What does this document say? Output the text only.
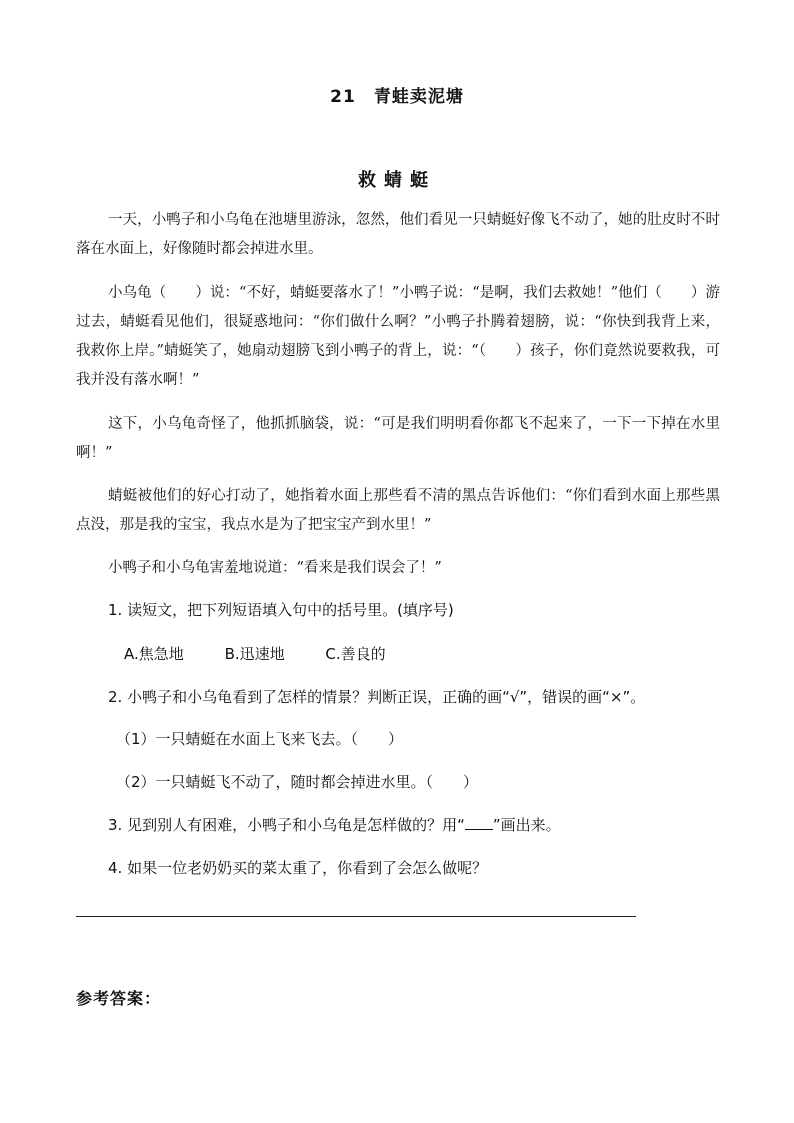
21　青蛙卖泥塘
救蜻蜓

一天，小鸭子和小乌龟在池塘里游泳，忽然，他们看见一只蜻蜓好像飞不动了，她的肚皮时不时落在水面上，好像随时都会掉进水里。

小乌龟（　　）说：“不好，蜻蜓要落水了！”小鸭子说：“是啊，我们去救她！”他们（　　）游过去，蜻蜓看见他们，很疑惑地问：“你们做什么啊？”小鸭子扑腾着翅膀，说：“你快到我背上来，我救你上岸。”蜻蜓笑了，她扇动翅膀飞到小鸭子的背上，说：“（　　）孩子，你们竟然说要救我，可我并没有落水啊！”

这下，小乌龟奇怪了，他抓抓脑袋，说：“可是我们明明看你都飞不起来了，一下一下掉在水里啊！”

蜻蜓被他们的好心打动了，她指着水面上那些看不清的黑点告诉他们：“你们看到水面上那些黑点没，那是我的宝宝，我点水是为了把宝宝产到水里！”

小鸭子和小乌龟害羞地说道：“看来是我们误会了！”

1. 读短文，把下列短语填入句中的括号里。(填序号)

A.焦急地	B.迅速地	C.善良的

2. 小鸭子和小乌龟看到了怎样的情景？判断正误，正确的画“√”，错误的画“×”。

（1）一只蜻蜓在水面上飞来飞去。（　　）

（2）一只蜻蜓飞不动了，随时都会掉进水里。（　　）

3. 见到别人有困难，小鸭子和小乌龟是怎样做的？用“ ”画出来。

4. 如果一位老奶奶买的菜太重了，你看到了会怎么做呢？

参考答案：
